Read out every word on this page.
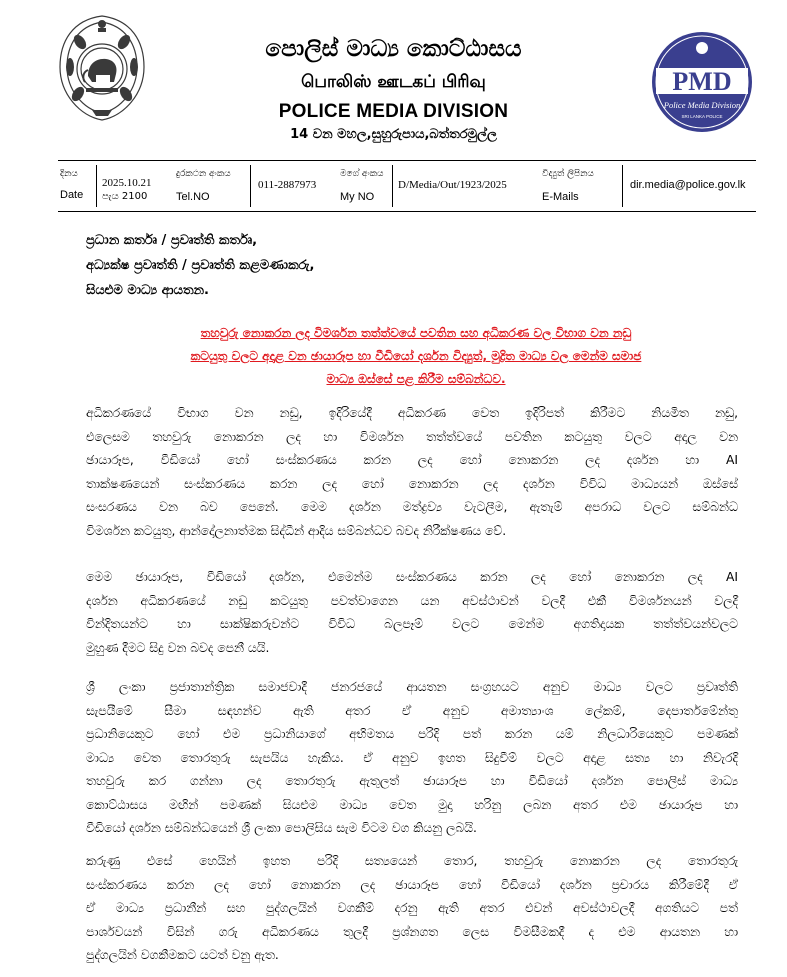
PMD
Police Media Division
SRI LANKA POLICE
පොලිස් මාධ්‍ය කොට්ඨාසය
பொலிஸ் ஊடகப் பிரிவு
POLICE MEDIA DIVISION
14 වන මහල,සුහුරුපාය,බත්තරමුල්ල
දිනය
Date
2025.10.21
පැය 2100
දුරකථන අංකය
Tel.NO
011-2887973
මගේ අංකය
My NO
D/Media/Out/1923/2025
විද්‍යුත් ලිපිනය
E-Mails
dir.media@police.gov.lk
ප්‍රධාන කර්තෘ / ප්‍රවෘත්ති කර්තෘ,
අධ්‍යක්ෂ ප්‍රවෘත්ති / ප්‍රවෘත්ති කළමණාකරු,
සියළුම මාධ්‍ය ආයතන.
තහවුරු නොකරන ලද විමර්ශන තත්ත්වයේ පවතින සහ අධිකරණ වල විභාග වන නඩු
කටයුතු වලට අදාළ වන ඡායාරූප හා වීඩියෝ දර්ශන විද්‍යුත්, මුද්‍රිත මාධ්‍ය වල මෙන්ම සමාජ
මාධ්‍ය ඔස්සේ පළ කිරීම සම්බන්ධව.
අධිකරණයේ විභාග වන නඩු, ඉදිරියේදී අධිකරණ වෙත ඉදිරිපත් කිරීමට නියමිත නඩු,
එලෙසම තහවුරු නොකරන ලද හා විමර්ශන තත්ත්වයේ පවතින කටයුතු වලට අදාල වන
ඡායාරූප, වීඩියෝ හෝ සංස්කරණය කරන ලද හෝ නොකරන ලද දර්ශන හා AI
තාක්ෂණයෙන් සංස්කරණය කරන ලද හෝ නොකරන ලද දර්ශන විවිධ මාධ්‍යයන් ඔස්සේ
සංසරණය වන බව පෙනේ. මෙම දර්ශන මත්ද්‍රව්‍ය වැටලීම, ඇතැම් අපරාධ වලට සම්බන්ධ
විමර්ශන කටයුතු, ආන්දෝලනාත්මක සිද්ධීන් ආදිය සම්බන්ධව බවද නිරීක්ෂණය වේ.
මෙම ඡායාරූප, වීඩියෝ දර්ශන, එමෙන්ම සංස්කරණය කරන ලද හෝ නොකරන ලද AI
දර්ශන අධිකරණයේ නඩු කටයුතු පවත්වාගෙන යන අවස්ථාවන් වලදී එකී විමර්ශනයන් වලදී
වින්දිතයන්ට හා සාක්ෂිකරුවන්ට විවිධ බලපෑම් වලට මෙන්ම අගතිදායක තත්ත්වයන්වලට
මුහුණ දීමට සිදු වන බවද පෙනී යයි.
ශ්‍රී ලංකා ප්‍රජාතාන්ත්‍රික සමාජවාදී ජනරජයේ ආයතන සංග්‍රහයට අනුව මාධ්‍ය වලට ප්‍රවෘත්ති
සැපයීමේ සීමා සඳහන්ව ඇති අතර ඒ අනුව අමාත්‍යාංශ ලේකම්, දෙපාර්තමේන්තු
ප්‍රධානියෙකුට හෝ එම ප්‍රධානියාගේ අභිමතය පරිදි පත් කරන යම් නිලධාරියෙකුට පමණක්
මාධ්‍ය වෙත තොරතුරු සැපයිය හැකිය. ඒ අනුව ඉහත සිදුවීම් වලට අදාළ සත්‍ය හා නිවැරදි
තහවුරු කර ගන්නා ලද තොරතුරු ඇතුලත් ඡායාරූප හා වීඩියෝ දර්ශන පොලිස් මාධ්‍ය
කොට්ඨාසය මඟින් පමණක් සියළුම මාධ්‍ය වෙත මුදා හරිනු ලබන අතර එම ඡායාරූප හා
වීඩියෝ දර්ශන සම්බන්ධයෙන් ශ්‍රී ලංකා පොලිසිය සැම විටම වග කියනු ලබයි.
කරුණු එසේ හෙයින් ඉහත පරිදි සත්‍යයෙන් තොර, තහවුරු නොකරන ලද තොරතුරු
සංස්කරණය කරන ලද හෝ නොකරන ලද ඡායාරූප හෝ වීඩියෝ දර්ශන ප්‍රචාරය කිරීමේදී ඒ
ඒ මාධ්‍ය ප්‍රධානීන් සහ පුද්ගලයින් වගකීම් දරනු ඇති අතර එවන් අවස්ථාවලදී අගතියට පත්
පාර්ශවයන් විසින් ගරු අධිකරණය තුලදී ප්‍රශ්නගත ලෙස විමසීමකදී ද එම ආයතන හා
පුද්ගලයින් වගකීමකට යටත් වනු ඇත.
